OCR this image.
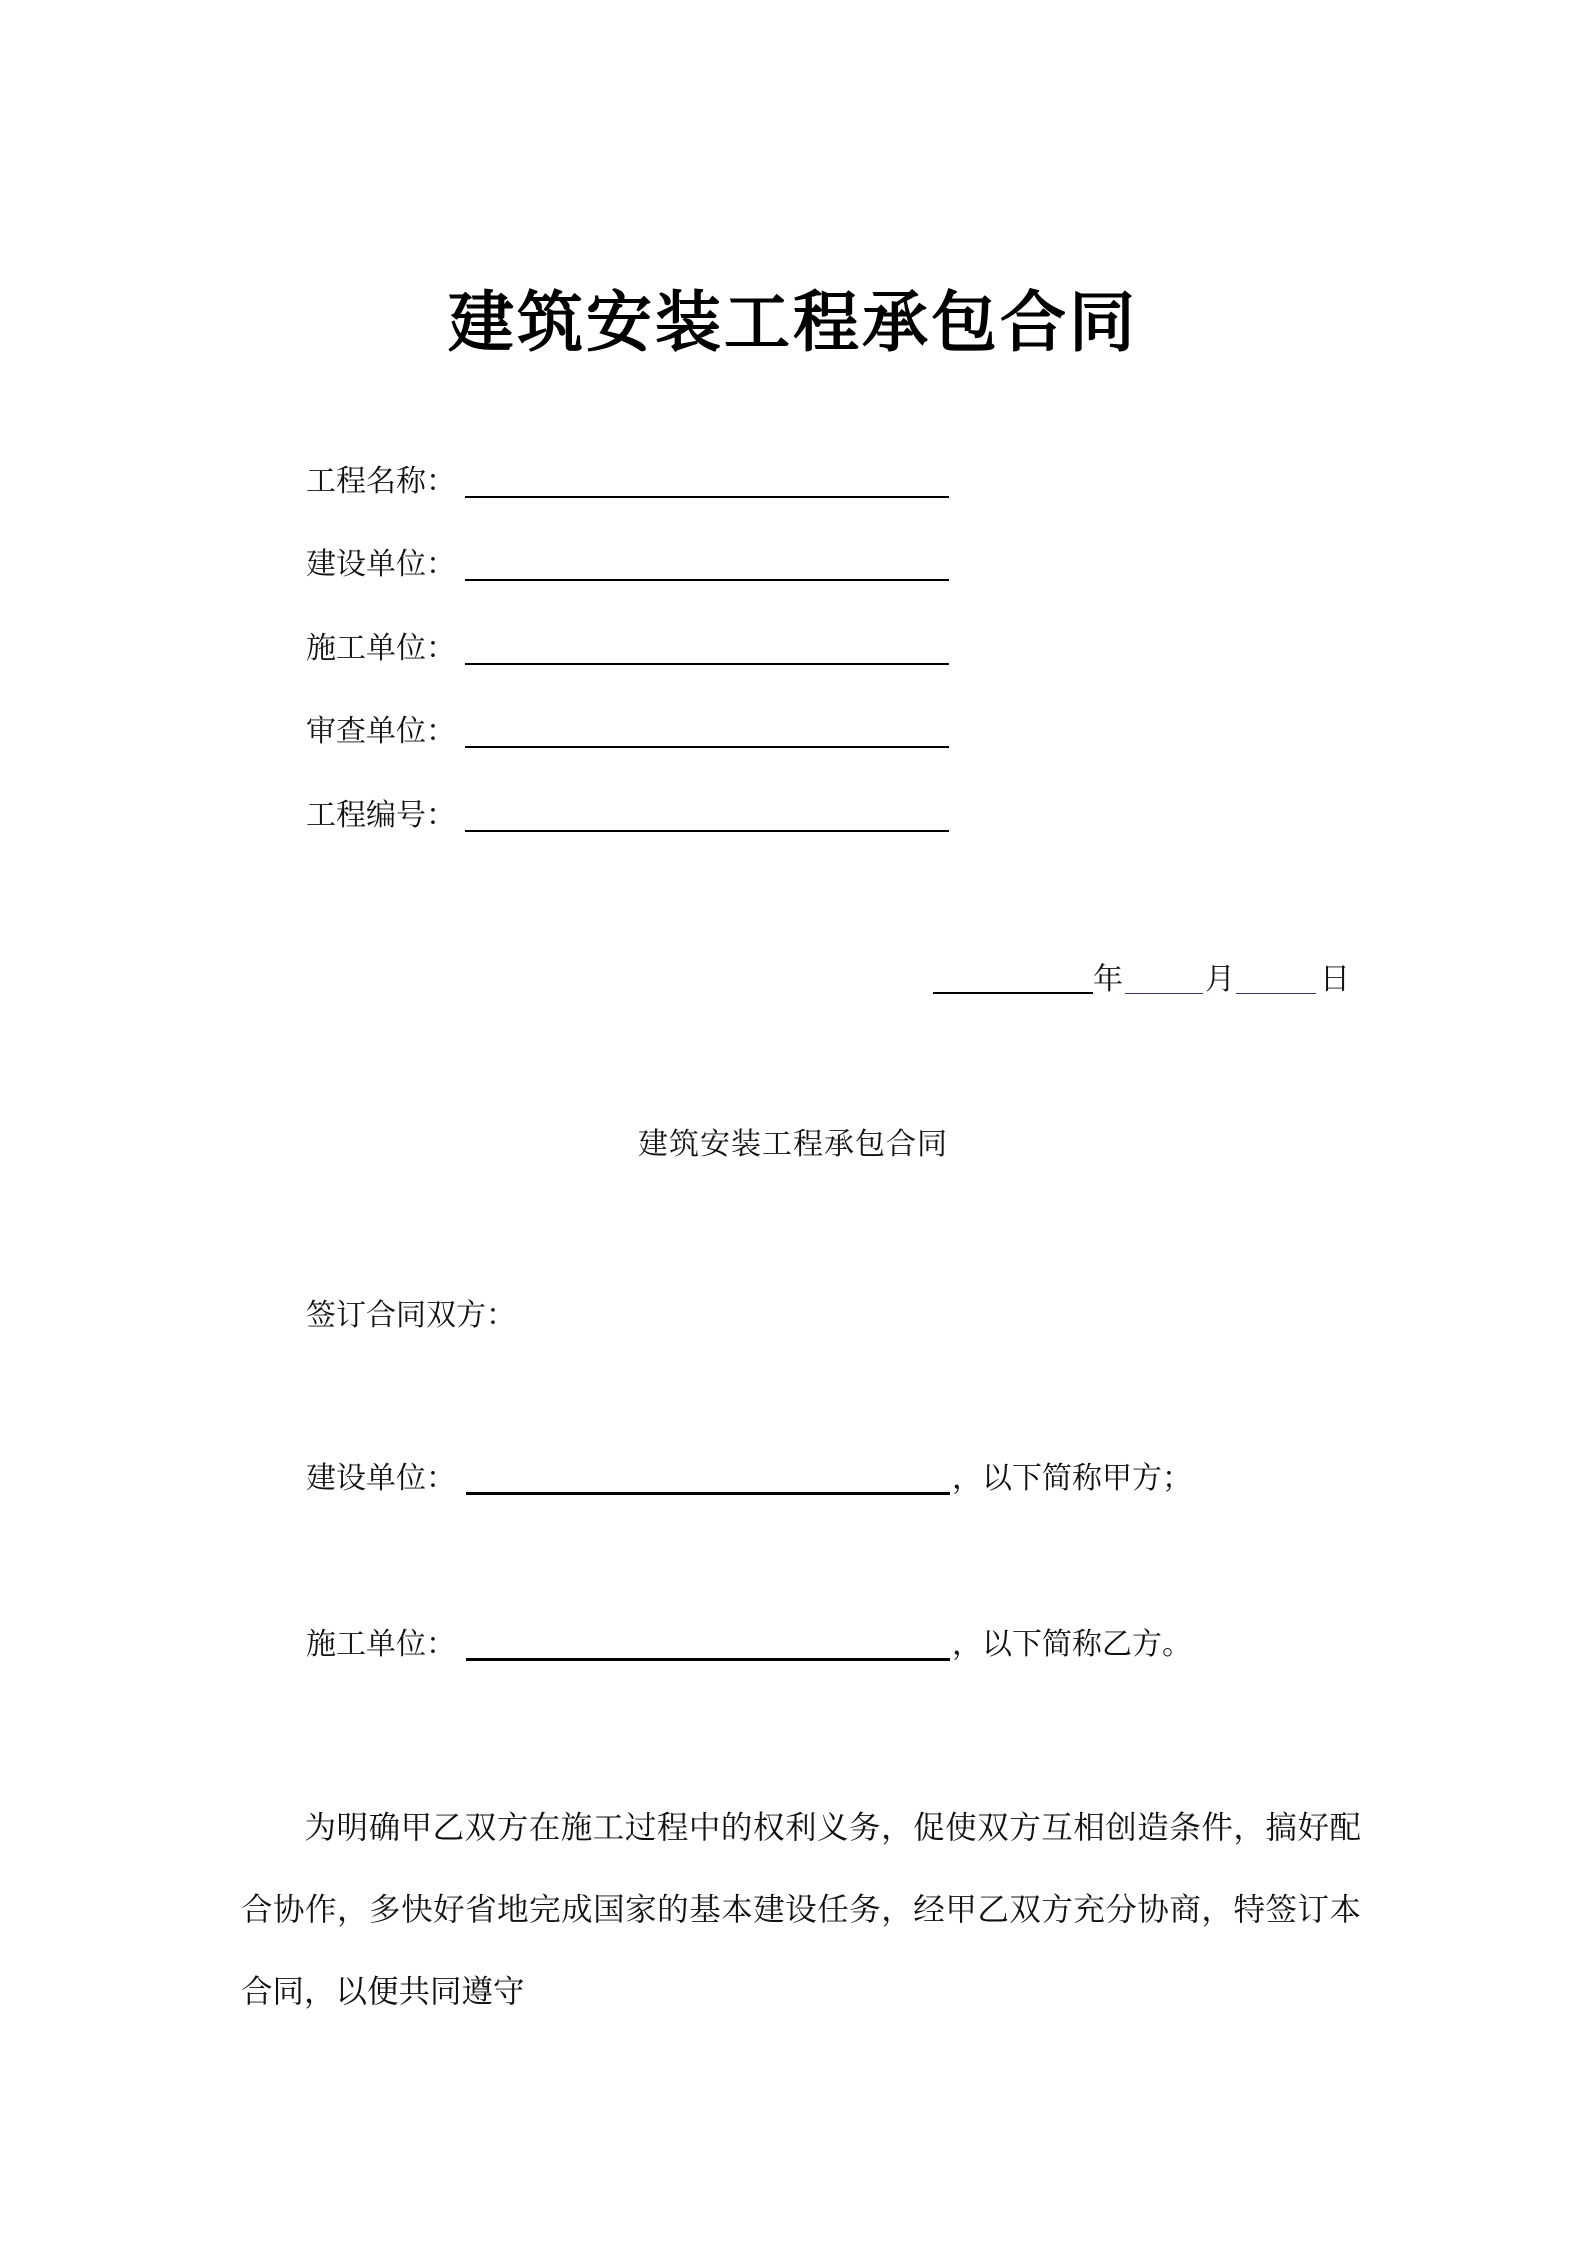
建筑安装工程承包合同
工程名称：
建设单位：
施工单位：
审查单位：
工程编号：
年	月	日
建筑安装工程承包合同
签订合同双方：
建设单位：	，以下简称甲方；
施工单位：	，以下简称乙方。
为明确甲乙双方在施工过程中的权利义务，促使双方互相创造条件，搞好配合协作，多快好省地完成国家的基本建设任务，经甲乙双方充分协商，特签订本合同，以便共同遵守
